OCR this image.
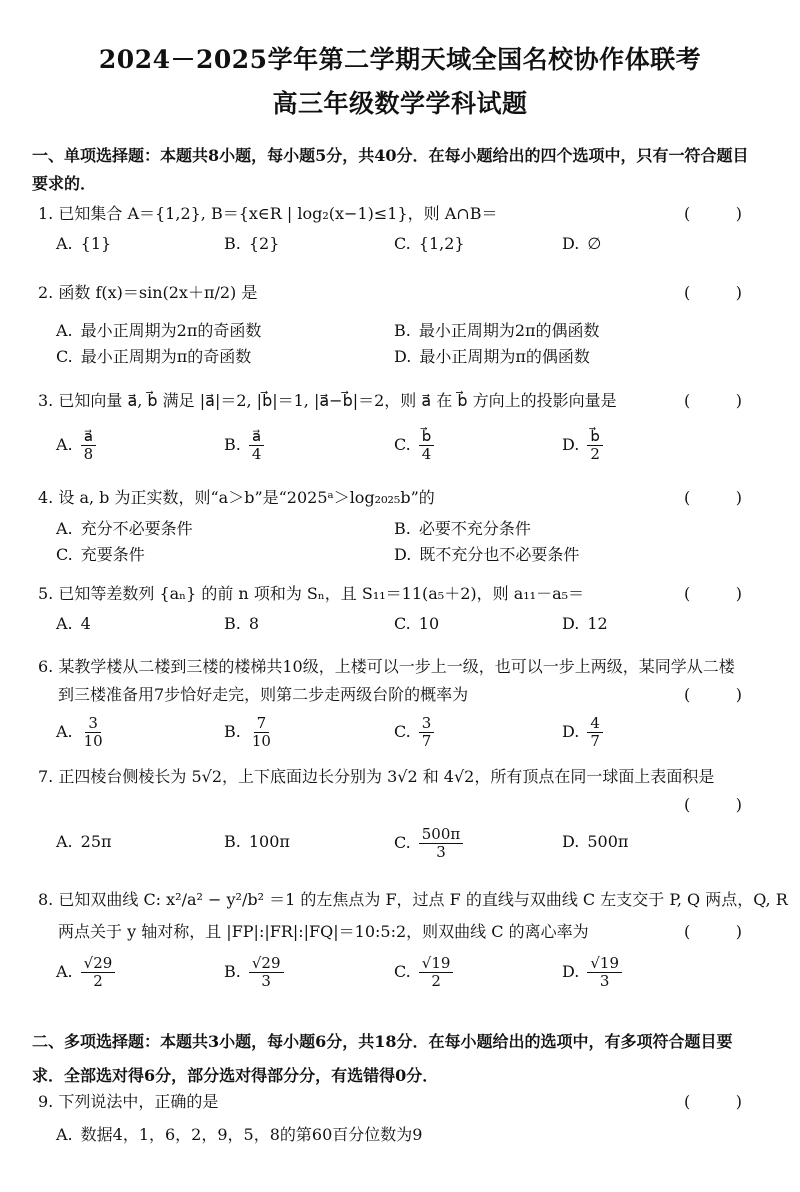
2024－2025学年第二学期天域全国名校协作体联考
高三年级数学学科试题
一、单项选择题：本题共8小题，每小题5分，共40分．在每小题给出的四个选项中，只有一符合题目
要求的．
1. 已知集合 A＝{1,2}, B＝{x∈R | log₂(x−1)≤1}，则 A∩B＝	(	)
A. {1}	B. {2}	C. {1,2}	D. ∅
2. 函数 f(x)＝sin(2x＋π/2) 是	(	)
A. 最小正周期为2π的奇函数	B. 最小正周期为2π的偶函数
C. 最小正周期为π的奇函数	D. 最小正周期为π的偶函数
3. 已知向量 a⃗, b⃗ 满足 |a⃗|＝2, |b⃗|＝1, |a⃗−b⃗|＝2，则 a⃗ 在 b⃗ 方向上的投影向量是	(	)
A. $\frac{a⃗}{8}$	B. $\frac{a⃗}{4}$	C. $\frac{b⃗}{4}$	D. $\frac{b⃗}{2}$
4. 设 a, b 为正实数，则“a＞b”是“2025ᵃ＞log₂₀₂₅b”的	(	)
A. 充分不必要条件	B. 必要不充分条件
C. 充要条件	D. 既不充分也不必要条件
5. 已知等差数列 {aₙ} 的前 n 项和为 Sₙ，且 S₁₁＝11(a₅＋2)，则 a₁₁－a₅＝	(	)
A. 4	B. 8	C. 10	D. 12
6. 某教学楼从二楼到三楼的楼梯共10级，上楼可以一步上一级，也可以一步上两级，某同学从二楼
到三楼准备用7步恰好走完，则第二步走两级台阶的概率为	(	)
A. $\frac{3}{10}$	B. $\frac{7}{10}$	C. $\frac{3}{7}$	D. $\frac{4}{7}$
7. 正四棱台侧棱长为 5√2，上下底面边长分别为 3√2 和 4√2，所有顶点在同一球面上表面积是
(	)
A. 25π	B. 100π	C. $\frac{500\pi}{3}$	D. 500π
8. 已知双曲线 C: x²/a² − y²/b² ＝1 的左焦点为 F，过点 F 的直线与双曲线 C 左支交于 P, Q 两点，Q, R
两点关于 y 轴对称，且 |FP|:|FR|:|FQ|＝10:5:2，则双曲线 C 的离心率为	(	)
A. $\frac{√29}{2}$	B. $\frac{√29}{3}$	C. $\frac{√19}{2}$	D. $\frac{√19}{3}$
二、多项选择题：本题共3小题，每小题6分，共18分．在每小题给出的选项中，有多项符合题目要
求．全部选对得6分，部分选对得部分分，有选错得0分．
9. 下列说法中，正确的是	(	)
A. 数据4，1，6，2，9，5，8的第60百分位数为9
